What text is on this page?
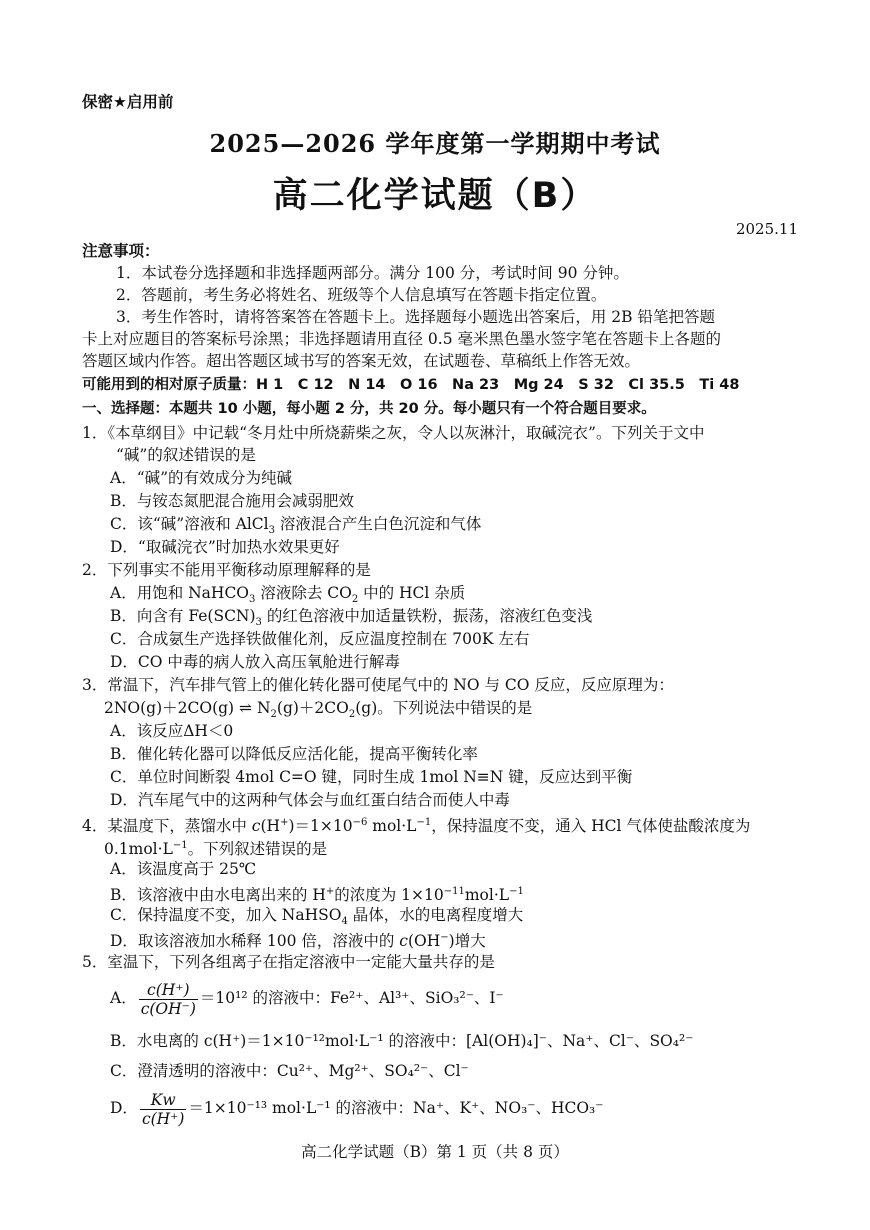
保密★启用前
2025—2026 学年度第一学期期中考试
高二化学试题（B）
2025.11
注意事项：
1．本试卷分选择题和非选择题两部分。满分 100 分，考试时间 90 分钟。
2．答题前，考生务必将姓名、班级等个人信息填写在答题卡指定位置。
3．考生作答时，请将答案答在答题卡上。选择题每小题选出答案后，用 2B 铅笔把答题
卡上对应题目的答案标号涂黑；非选择题请用直径 0.5 毫米黑色墨水签字笔在答题卡上各题的
答题区域内作答。超出答题区域书写的答案无效，在试题卷、草稿纸上作答无效。
可能用到的相对原子质量：H 1　C 12　N 14　O 16　Na 23　Mg 24　S 32　Cl 35.5　Ti 48
一、选择题：本题共 10 小题，每小题 2 分，共 20 分。每小题只有一个符合题目要求。
1．《本草纲目》中记载“冬月灶中所烧薪柴之灰，令人以灰淋汁，取碱浣衣”。下列关于文中
“碱”的叙述错误的是
A．“碱”的有效成分为纯碱
B．与铵态氮肥混合施用会减弱肥效
C．该“碱”溶液和 AlCl$_3$ 溶液混合产生白色沉淀和气体
D．“取碱浣衣”时加热水效果更好
2．下列事实不能用平衡移动原理解释的是
A．用饱和 NaHCO$_3$ 溶液除去 $CO_2$ 中的 HCl 杂质
B．向含有 $Fe(SCN)_3$ 的红色溶液中加适量铁粉，振荡，溶液红色变浅
C．合成氨生产选择铁做催化剂，反应温度控制在 700K 左右
D．CO 中毒的病人放入高压氧舱进行解毒
3．常温下，汽车排气管上的催化转化器可使尾气中的 NO 与 CO 反应，反应原理为：
2NO(g)＋2CO(g) ⇌ $N_2(g)+2CO_2(g)$。下列说法中错误的是
A．该反应ΔH＜0
B．催化转化器可以降低反应活化能，提高平衡转化率
C．单位时间断裂 4mol C=O 键，同时生成 1mol N≡N 键，反应达到平衡
D．汽车尾气中的这两种气体会与血红蛋白结合而使人中毒
4．某温度下，蒸馏水中 $c(H^+)=1\times 10^{-6}$ $mol\cdot L^{-1}$，保持温度不变，通入 HCl 气体使盐酸浓度为
$0.1mol\cdot L^{-1}$。下列叙述错误的是
A．该温度高于 25℃
B．该溶液中由水电离出来的 H+的浓度为 $1\times 10^{-11}mol\cdot L^{-1}$
C．保持温度不变，加入 NaHSO$_4$ 晶体，水的电离程度增大
D．取该溶液加水稀释 100 倍，溶液中的 c(OH−)增大
5．室温下，下列各组离子在指定溶液中一定能大量共存的是
A． $\frac{c(H^+)}{c(OH^-)} =10^{12}$ 的溶液中：Fe²⁺、Al³⁺、SiO₃²⁻、I⁻
B．水电离的 c(H⁺)＝1×10⁻¹²mol·L⁻¹ 的溶液中：[Al(OH)₄]⁻、Na⁺、Cl⁻、SO₄²⁻
C．澄清透明的溶液中：Cu²⁺、Mg²⁺、SO₄²⁻、Cl⁻
D． $\frac{Kw}{c(H^+)} =1\times 10^{-13}$ mol·L⁻¹ 的溶液中：Na⁺、K⁺、NO₃⁻、HCO₃⁻
高二化学试题（B）第 1 页（共 8 页）
